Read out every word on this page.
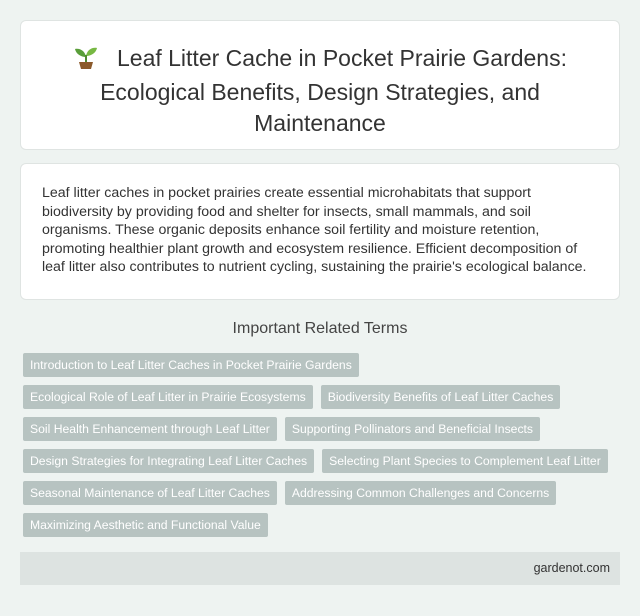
Leaf Litter Cache in Pocket Prairie Gardens: Ecological Benefits, Design Strategies, and Maintenance

Leaf litter caches in pocket prairies create essential microhabitats that support biodiversity by providing food and shelter for insects, small mammals, and soil organisms. These organic deposits enhance soil fertility and moisture retention, promoting healthier plant growth and ecosystem resilience. Efficient decomposition of leaf litter also contributes to nutrient cycling, sustaining the prairie's ecological balance.

Important Related Terms
Introduction to Leaf Litter Caches in Pocket Prairie Gardens
Ecological Role of Leaf Litter in Prairie Ecosystems	Biodiversity Benefits of Leaf Litter Caches
Soil Health Enhancement through Leaf Litter	Supporting Pollinators and Beneficial Insects
Design Strategies for Integrating Leaf Litter Caches	Selecting Plant Species to Complement Leaf Litter
Seasonal Maintenance of Leaf Litter Caches	Addressing Common Challenges and Concerns
Maximizing Aesthetic and Functional Value
gardenot.com
